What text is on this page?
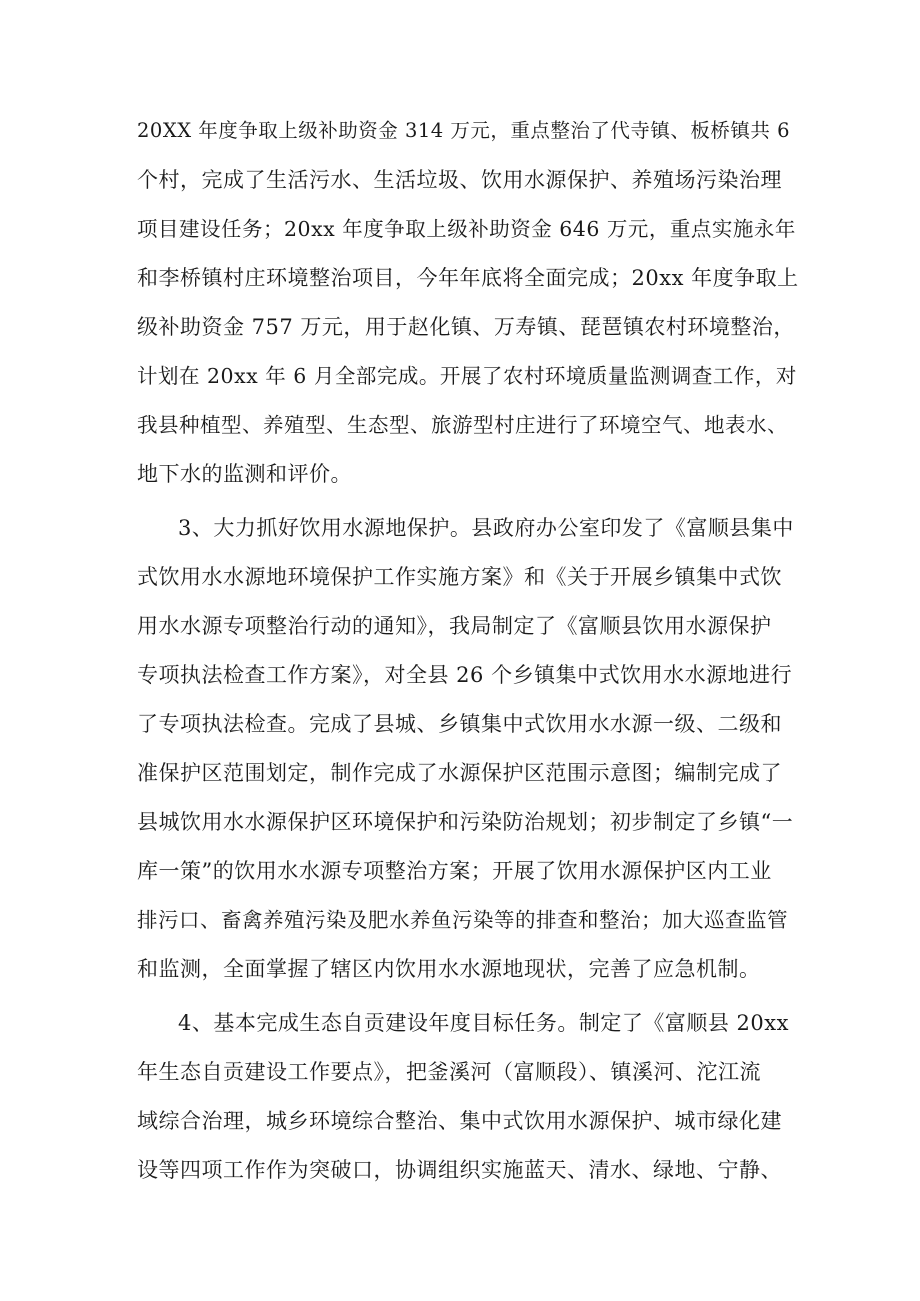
20XX 年度争取上级补助资金 314 万元，重点整治了代寺镇、板桥镇共 6

个村，完成了生活污水、生活垃圾、饮用水源保护、养殖场污染治理

项目建设任务；20xx 年度争取上级补助资金 646 万元，重点实施永年

和李桥镇村庄环境整治项目，今年年底将全面完成；20xx 年度争取上

级补助资金 757 万元，用于赵化镇、万寿镇、琵琶镇农村环境整治，

计划在 20xx 年 6 月全部完成。开展了农村环境质量监测调查工作，对

我县种植型、养殖型、生态型、旅游型村庄进行了环境空气、地表水、

地下水的监测和评价。

3、大力抓好饮用水源地保护。县政府办公室印发了《富顺县集中

式饮用水水源地环境保护工作实施方案》和《关于开展乡镇集中式饮

用水水源专项整治行动的通知》，我局制定了《富顺县饮用水源保护

专项执法检查工作方案》，对全县 26 个乡镇集中式饮用水水源地进行

了专项执法检查。完成了县城、乡镇集中式饮用水水源一级、二级和

准保护区范围划定，制作完成了水源保护区范围示意图；编制完成了

县城饮用水水源保护区环境保护和污染防治规划；初步制定了乡镇“一

库一策”的饮用水水源专项整治方案；开展了饮用水源保护区内工业

排污口、畜禽养殖污染及肥水养鱼污染等的排查和整治；加大巡查监管

和监测，全面掌握了辖区内饮用水水源地现状，完善了应急机制。

4、基本完成生态自贡建设年度目标任务。制定了《富顺县 20xx

年生态自贡建设工作要点》，把釜溪河（富顺段）、镇溪河、沱江流

域综合治理，城乡环境综合整治、集中式饮用水源保护、城市绿化建

设等四项工作作为突破口，协调组织实施蓝天、清水、绿地、宁静、
